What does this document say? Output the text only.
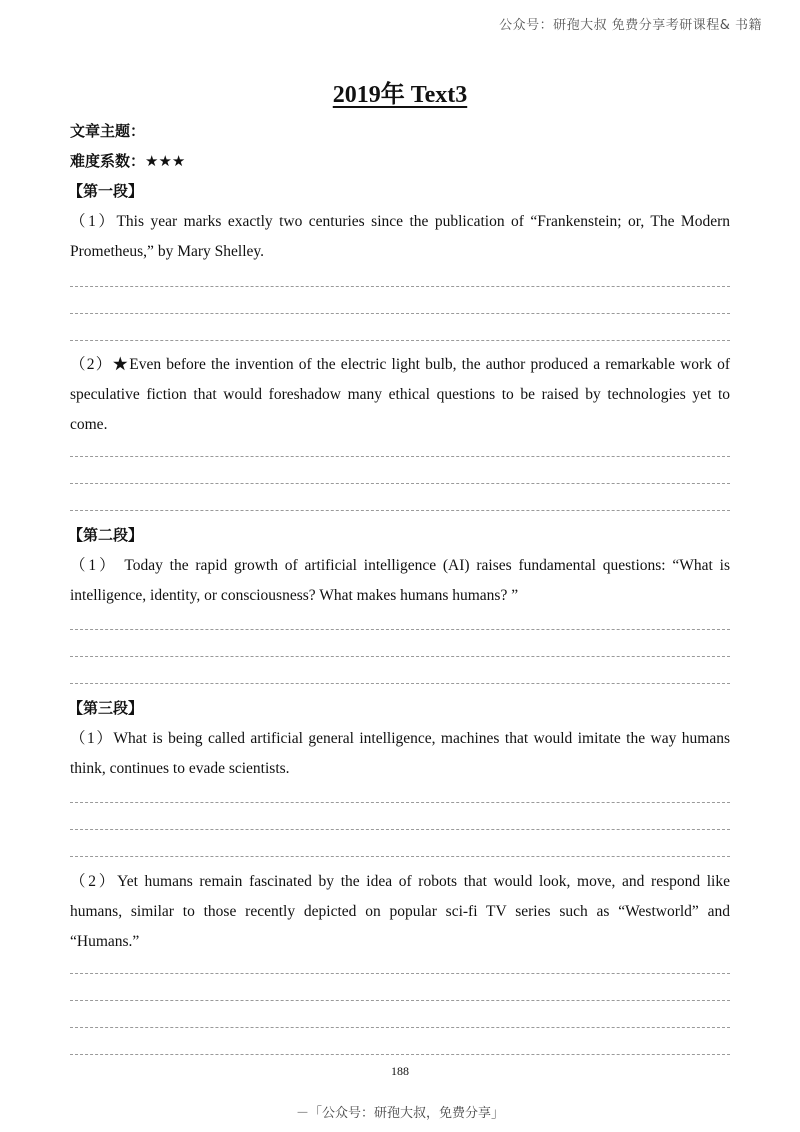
公众号：研孢大叔 免费分享考研课程& 书籍
2019年 Text3
文章主题：
难度系数：★★★
【第一段】
（1）This year marks exactly two centuries since the publication of “Frankenstein; or, The Modern Prometheus,” by Mary Shelley.
（2）★Even before the invention of the electric light bulb, the author produced a remarkable work of speculative fiction that would foreshadow many ethical questions to be raised by technologies yet to come.
【第二段】
（1） Today the rapid growth of artificial intelligence (AI) raises fundamental questions: “What is intelligence, identity, or consciousness? What makes humans humans? ”
【第三段】
（1）What is being called artificial general intelligence, machines that would imitate the way humans think, continues to evade scientists.
（2）Yet humans remain fascinated by the idea of robots that would look, move, and respond like humans, similar to those recently depicted on popular sci-fi TV series such as “Westworld” and “Humans.”
188
－「公众号：研孢大叔，免费分享」
